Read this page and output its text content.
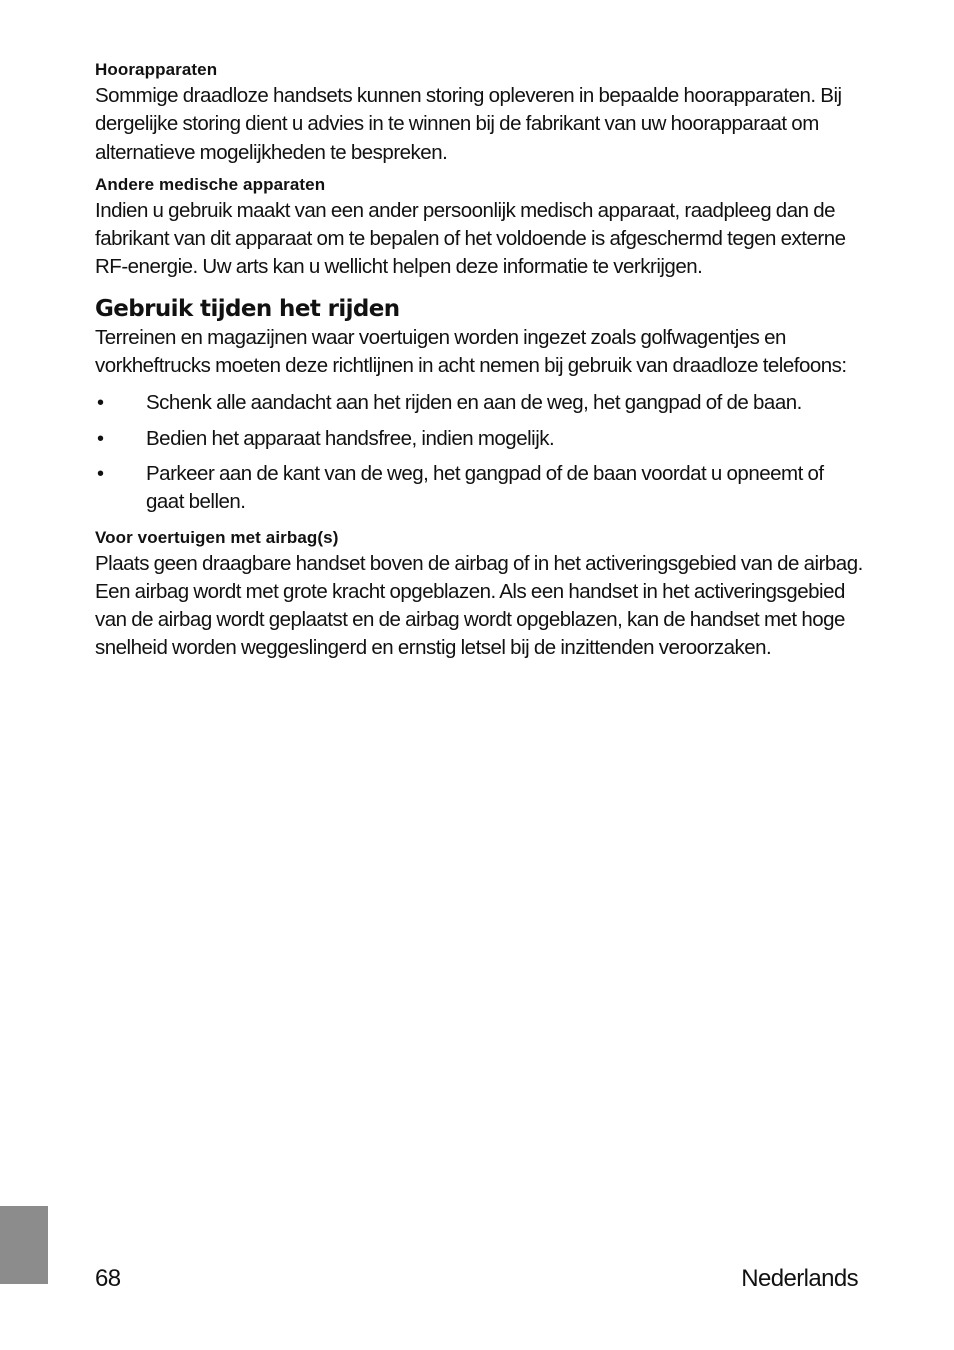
Hoorapparaten

Sommige draadloze handsets kunnen storing opleveren in bepaalde hoorapparaten. Bij dergelijke storing dient u advies in te winnen bij de fabrikant van uw hoorapparaat om alternatieve mogelijkheden te bespreken.

Andere medische apparaten

Indien u gebruik maakt van een ander persoonlijk medisch apparaat, raadpleeg dan de fabrikant van dit apparaat om te bepalen of het voldoende is afgeschermd tegen externe RF-energie. Uw arts kan u wellicht helpen deze informatie te verkrijgen.

Gebruik tijden het rijden

Terreinen en magazijnen waar voertuigen worden ingezet zoals golfwagentjes en vorkheftrucks moeten deze richtlijnen in acht nemen bij gebruik van draadloze telefoons:

• Schenk alle aandacht aan het rijden en aan de weg, het gangpad of de baan.

• Bedien het apparaat handsfree, indien mogelijk.

• Parkeer aan de kant van de weg, het gangpad of de baan voordat u opneemt of gaat bellen.

Voor voertuigen met airbag(s)

Plaats geen draagbare handset boven de airbag of in het activeringsgebied van de airbag. Een airbag wordt met grote kracht opgeblazen. Als een handset in het activeringsgebied van de airbag wordt geplaatst en de airbag wordt opgeblazen, kan de handset met hoge snelheid worden weggeslingerd en ernstig letsel bij de inzittenden veroorzaken.

68	Nederlands
